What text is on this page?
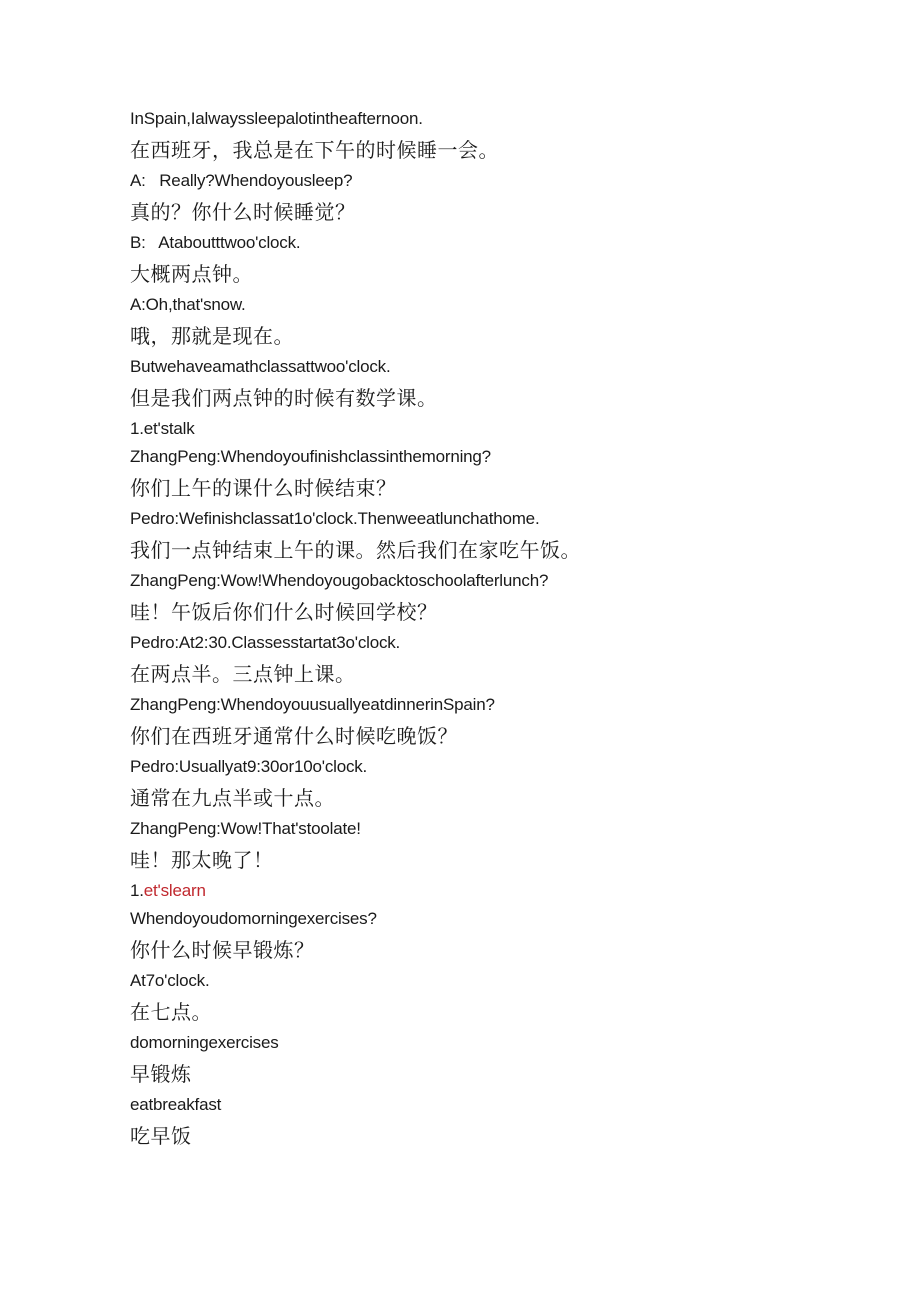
InSpain,Ialwayssleepalotintheafternoon.

在西班牙，我总是在下午的时候睡一会。

A:   Really?Whendoyousleep?

真的？你什么时候睡觉？

B:   Ataboutttwoo'clock.

大概两点钟。

A:Oh,that'snow.

哦，那就是现在。

Butwehaveamathclassattwoo'clock.

但是我们两点钟的时候有数学课。

1.et'stalk

ZhangPeng:Whendoyoufinishclassinthemorning?

你们上午的课什么时候结束？

Pedro:Wefinishclassat1o'clock.Thenweeatlunchathome.

我们一点钟结束上午的课。然后我们在家吃午饭。

ZhangPeng:Wow!Whendoyougobacktoschoolafterlunch?

哇！午饭后你们什么时候回学校？

Pedro:At2:30.Classesstartat3o'clock.

在两点半。三点钟上课。

ZhangPeng:WhendoyouusuallyeatdinnerinSpain?

你们在西班牙通常什么时候吃晚饭？

Pedro:Usuallyat9:30or10o'clock.

通常在九点半或十点。

ZhangPeng:Wow!That'stoolate!

哇！那太晚了！

1.et'slearn

Whendoyoudomorningexercises?

你什么时候早锻炼？

At7o'clock.

在七点。

domorningexercises

早锻炼

eatbreakfast

吃早饭
